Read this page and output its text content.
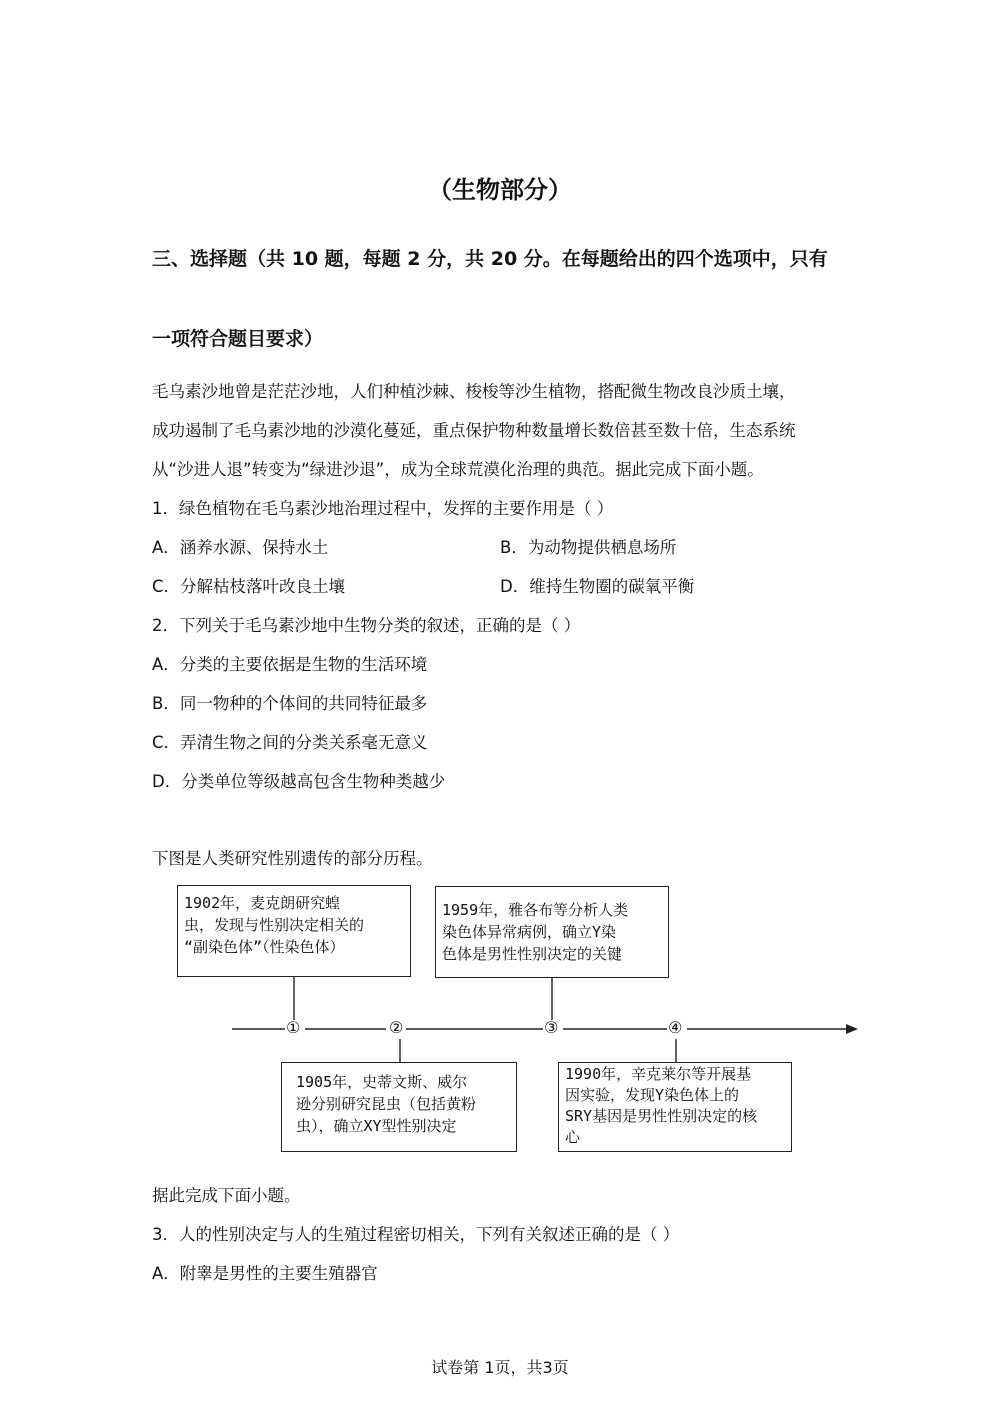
（生物部分）
三、选择题（共 10 题，每题 2 分，共 20 分。在每题给出的四个选项中，只有
一项符合题目要求）
毛乌素沙地曾是茫茫沙地，人们种植沙棘、梭梭等沙生植物，搭配微生物改良沙质土壤，
成功遏制了毛乌素沙地的沙漠化蔓延，重点保护物种数量增长数倍甚至数十倍，生态系统
从“沙进人退”转变为“绿进沙退”，成为全球荒漠化治理的典范。据此完成下面小题。
1．绿色植物在毛乌素沙地治理过程中，发挥的主要作用是（ ）
A．涵养水源、保持水土	B．为动物提供栖息场所
C．分解枯枝落叶改良土壤	D．维持生物圈的碳氧平衡
2．下列关于毛乌素沙地中生物分类的叙述，正确的是（ ）
A．分类的主要依据是生物的生活环境
B．同一物种的个体间的共同特征最多
C．弄清生物之间的分类关系毫无意义
D．分类单位等级越高包含生物种类越少
下图是人类研究性别遗传的部分历程。
①	②	③	④
1902年，麦克朗研究蝗
虫，发现与性别决定相关的
“副染色体”（性染色体）
1959年，雅各布等分析人类
染色体异常病例，确立Y染
色体是男性性别决定的关键
1905年，史蒂文斯、威尔
逊分别研究昆虫（包括黄粉
虫），确立XY型性别决定
1990年，辛克莱尔等开展基
因实验，发现Y染色体上的
SRY基因是男性性别决定的核
心
据此完成下面小题。
3．人的性别决定与人的生殖过程密切相关，下列有关叙述正确的是（ ）
A．附睾是男性的主要生殖器官
试卷第 1页，共3页
